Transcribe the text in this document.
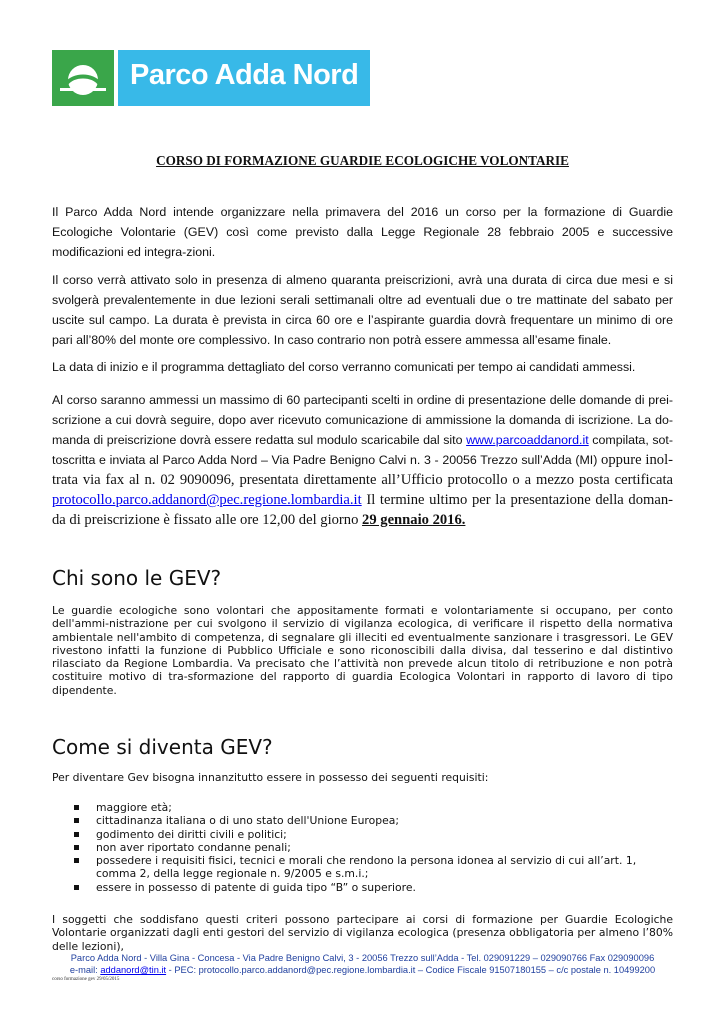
Parco Adda Nord
CORSO DI FORMAZIONE GUARDIE ECOLOGICHE VOLONTARIE

Il Parco Adda Nord intende organizzare nella primavera del 2016 un corso per la formazione di Guardie Ecologiche Volontarie (GEV) così come previsto dalla Legge Regionale 28 febbraio 2005 e successive modificazioni ed integra-zioni.

Il corso verrà attivato solo in presenza di almeno quaranta preiscrizioni, avrà una durata di circa due mesi e si svolgerà prevalentemente in due lezioni serali settimanali oltre ad eventuali due o tre mattinate del sabato per uscite sul campo. La durata è prevista in circa 60 ore e l’aspirante guardia dovrà frequentare un minimo di ore pari all’80% del monte ore complessivo. In caso contrario non potrà essere ammessa all’esame finale.

La data di inizio e il programma dettagliato del corso verranno comunicati per tempo ai candidati ammessi.

Al corso saranno ammessi un massimo di 60 partecipanti scelti in ordine di presentazione delle domande di prei-scrizione a cui dovrà seguire, dopo aver ricevuto comunicazione di ammissione la domanda di iscrizione. La do-manda di preiscrizione dovrà essere redatta sul modulo scaricabile dal sito www.parcoaddanord.it compilata, sot-toscritta e inviata al Parco Adda Nord – Via Padre Benigno Calvi n. 3 - 20056 Trezzo sull’Adda (MI) oppure inol-trata via fax al n. 02 9090096, presentata direttamente all’Ufficio protocollo o a mezzo posta certificata protocollo.parco.addanord@pec.regione.lombardia.it Il termine ultimo per la presentazione della doman-da di preiscrizione è fissato alle ore 12,00 del giorno 29 gennaio 2016.

Chi sono le GEV?

Le guardie ecologiche sono volontari che appositamente formati e volontariamente si occupano, per conto dell'ammi-nistrazione per cui svolgono il servizio di vigilanza ecologica, di verificare il rispetto della normativa ambientale nell'ambito di competenza, di segnalare gli illeciti ed eventualmente sanzionare i trasgressori. Le GEV rivestono infatti la funzione di Pubblico Ufficiale e sono riconoscibili dalla divisa, dal tesserino e dal distintivo rilasciato da Regione Lombardia. Va precisato che l’attività non prevede alcun titolo di retribuzione e non potrà costituire motivo di tra-sformazione del rapporto di guardia Ecologica Volontari in rapporto di lavoro di tipo dipendente.

Come si diventa GEV?

Per diventare Gev bisogna innanzitutto essere in possesso dei seguenti requisiti:

maggiore età;
cittadinanza italiana o di uno stato dell'Unione Europea;
godimento dei diritti civili e politici;
non aver riportato condanne penali;
possedere i requisiti fisici, tecnici e morali che rendono la persona idonea al servizio di cui all’art. 1, comma 2, della legge regionale n. 9/2005 e s.m.i.;
essere in possesso di patente di guida tipo “B” o superiore.

I soggetti che soddisfano questi criteri possono partecipare ai corsi di formazione per Guardie Ecologiche Volontarie organizzati dagli enti gestori del servizio di vigilanza ecologica (presenza obbligatoria per almeno l’80% delle lezioni),

Parco Adda Nord - Villa Gina - Concesa - Via Padre Benigno Calvi, 3 - 20056 Trezzo sull’Adda - Tel. 029091229 – 029090766 Fax 029090096
e-mail: addanord@tin.it - PEC: protocollo.parco.addanord@pec.regione.lombardia.it – Codice Fiscale 91507180155 – c/c postale n. 10499200

corso formazione gev 29/05/2015
